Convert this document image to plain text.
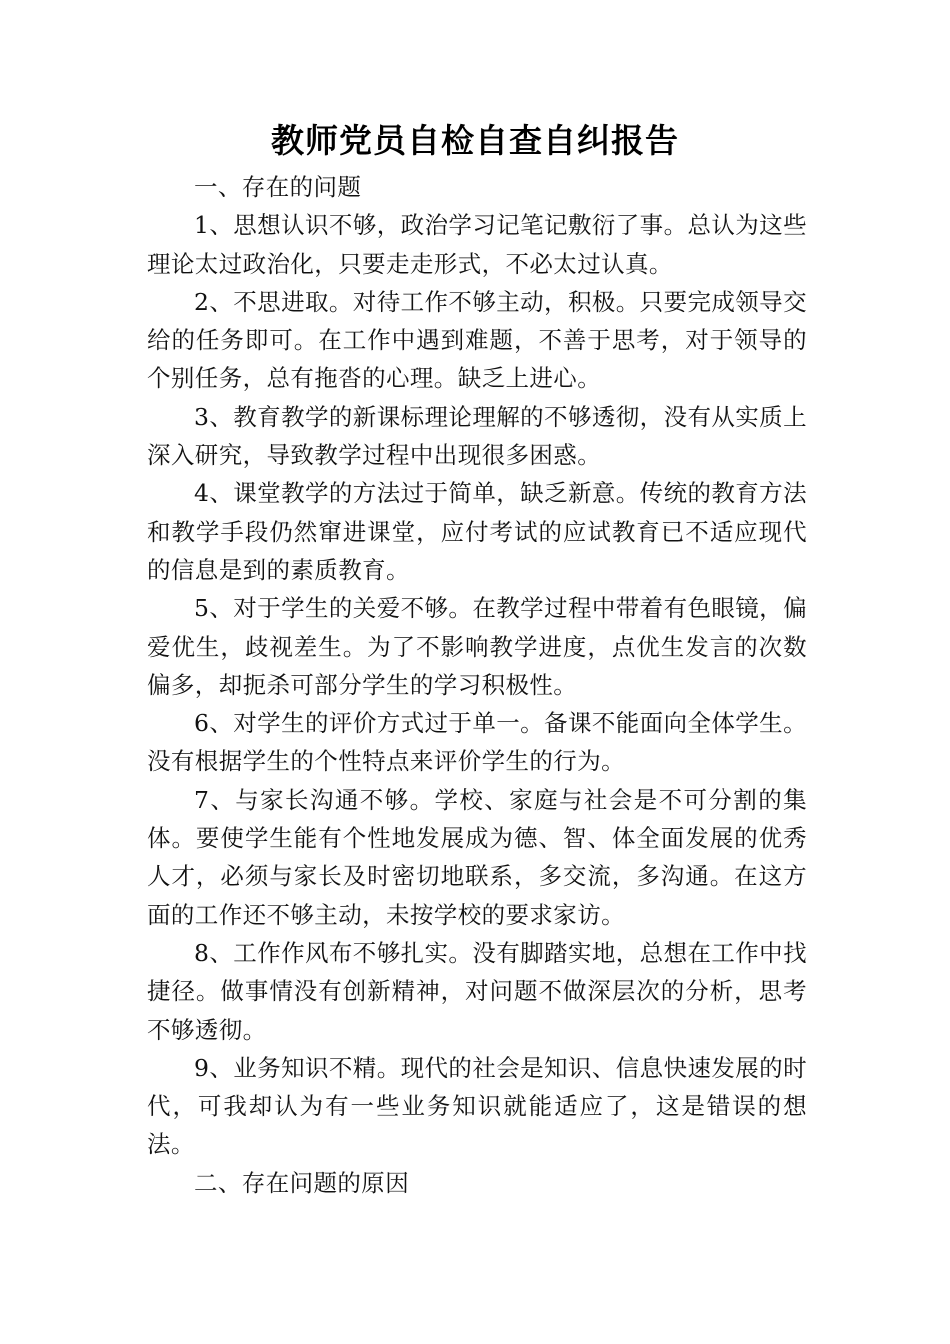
教师党员自检自查自纠报告

一、存在的问题

1、思想认识不够，政治学习记笔记敷衍了事。总认为这些理论太过政治化，只要走走形式，不必太过认真。

2、不思进取。对待工作不够主动，积极。只要完成领导交给的任务即可。在工作中遇到难题，不善于思考，对于领导的个别任务，总有拖沓的心理。缺乏上进心。

3、教育教学的新课标理论理解的不够透彻，没有从实质上深入研究，导致教学过程中出现很多困惑。

4、课堂教学的方法过于简单，缺乏新意。传统的教育方法和教学手段仍然窜进课堂，应付考试的应试教育已不适应现代的信息是到的素质教育。

5、对于学生的关爱不够。在教学过程中带着有色眼镜，偏爱优生，歧视差生。为了不影响教学进度，点优生发言的次数偏多，却扼杀可部分学生的学习积极性。

6、对学生的评价方式过于单一。备课不能面向全体学生。没有根据学生的个性特点来评价学生的行为。

7、与家长沟通不够。学校、家庭与社会是不可分割的集体。要使学生能有个性地发展成为德、智、体全面发展的优秀人才，必须与家长及时密切地联系，多交流，多沟通。在这方面的工作还不够主动，未按学校的要求家访。

8、工作作风布不够扎实。没有脚踏实地，总想在工作中找捷径。做事情没有创新精神，对问题不做深层次的分析，思考不够透彻。

9、业务知识不精。现代的社会是知识、信息快速发展的时代，可我却认为有一些业务知识就能适应了，这是错误的想法。

二、存在问题的原因
